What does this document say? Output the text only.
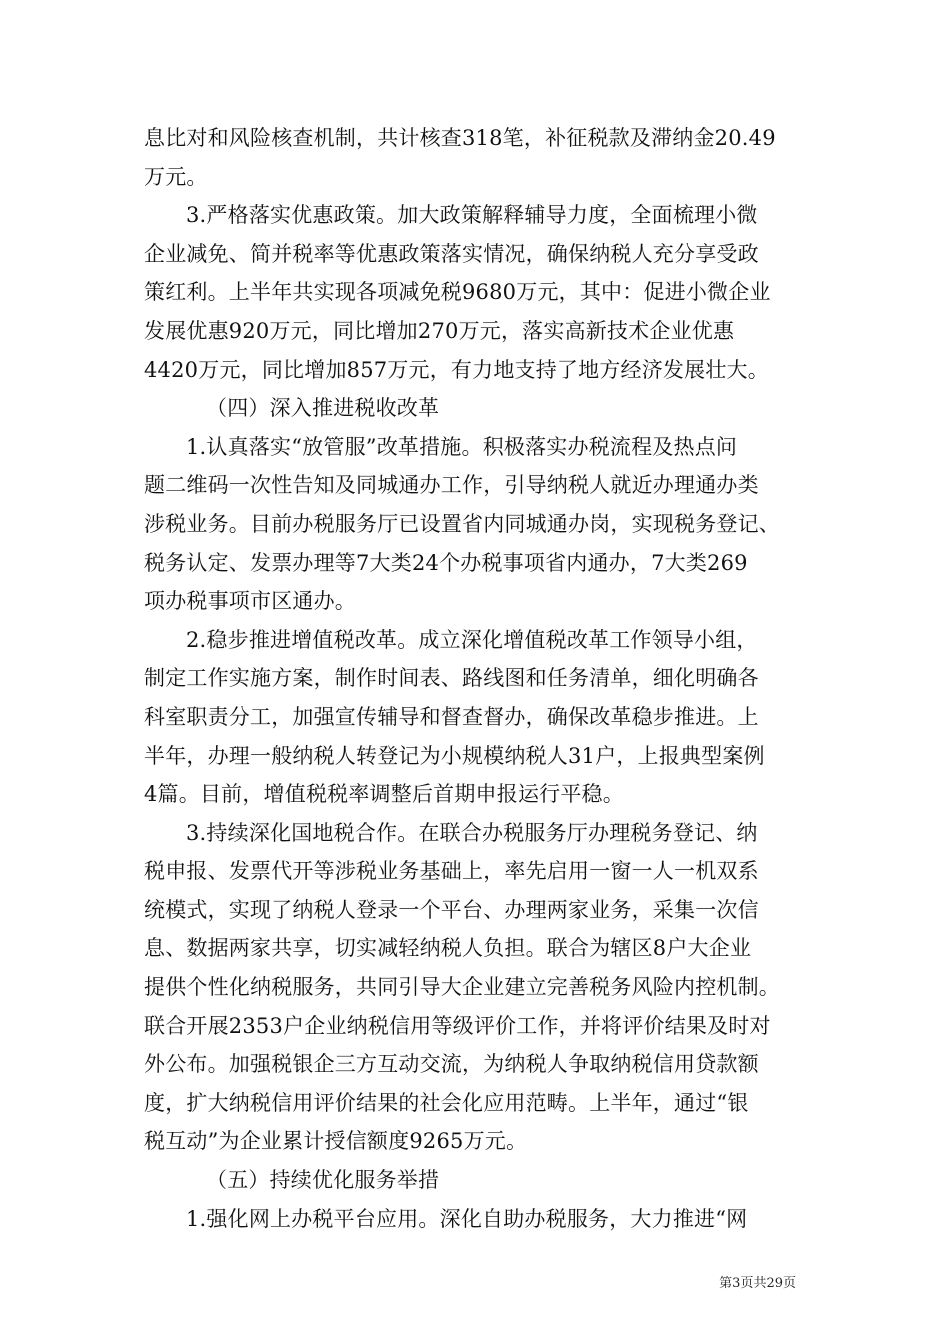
息比对和风险核查机制，共计核查318笔，补征税款及滞纳金20.49
万元。
3.严格落实优惠政策。加大政策解释辅导力度，全面梳理小微
企业减免、简并税率等优惠政策落实情况，确保纳税人充分享受政
策红利。上半年共实现各项减免税9680万元，其中：促进小微企业
发展优惠920万元，同比增加270万元，落实高新技术企业优惠
4420万元，同比增加857万元，有力地支持了地方经济发展壮大。
（四）深入推进税收改革
1.认真落实“放管服”改革措施。积极落实办税流程及热点问
题二维码一次性告知及同城通办工作，引导纳税人就近办理通办类
涉税业务。目前办税服务厅已设置省内同城通办岗，实现税务登记、
税务认定、发票办理等7大类24个办税事项省内通办，7大类269
项办税事项市区通办。
2.稳步推进增值税改革。成立深化增值税改革工作领导小组，
制定工作实施方案，制作时间表、路线图和任务清单，细化明确各
科室职责分工，加强宣传辅导和督查督办，确保改革稳步推进。上
半年，办理一般纳税人转登记为小规模纳税人31户，上报典型案例
4篇。目前，增值税税率调整后首期申报运行平稳。
3.持续深化国地税合作。在联合办税服务厅办理税务登记、纳
税申报、发票代开等涉税业务基础上，率先启用一窗一人一机双系
统模式，实现了纳税人登录一个平台、办理两家业务，采集一次信
息、数据两家共享，切实减轻纳税人负担。联合为辖区8户大企业
提供个性化纳税服务，共同引导大企业建立完善税务风险内控机制。
联合开展2353户企业纳税信用等级评价工作，并将评价结果及时对
外公布。加强税银企三方互动交流，为纳税人争取纳税信用贷款额
度，扩大纳税信用评价结果的社会化应用范畴。上半年，通过“银
税互动”为企业累计授信额度9265万元。
（五）持续优化服务举措
1.强化网上办税平台应用。深化自助办税服务，大力推进“网
第3页共29页
